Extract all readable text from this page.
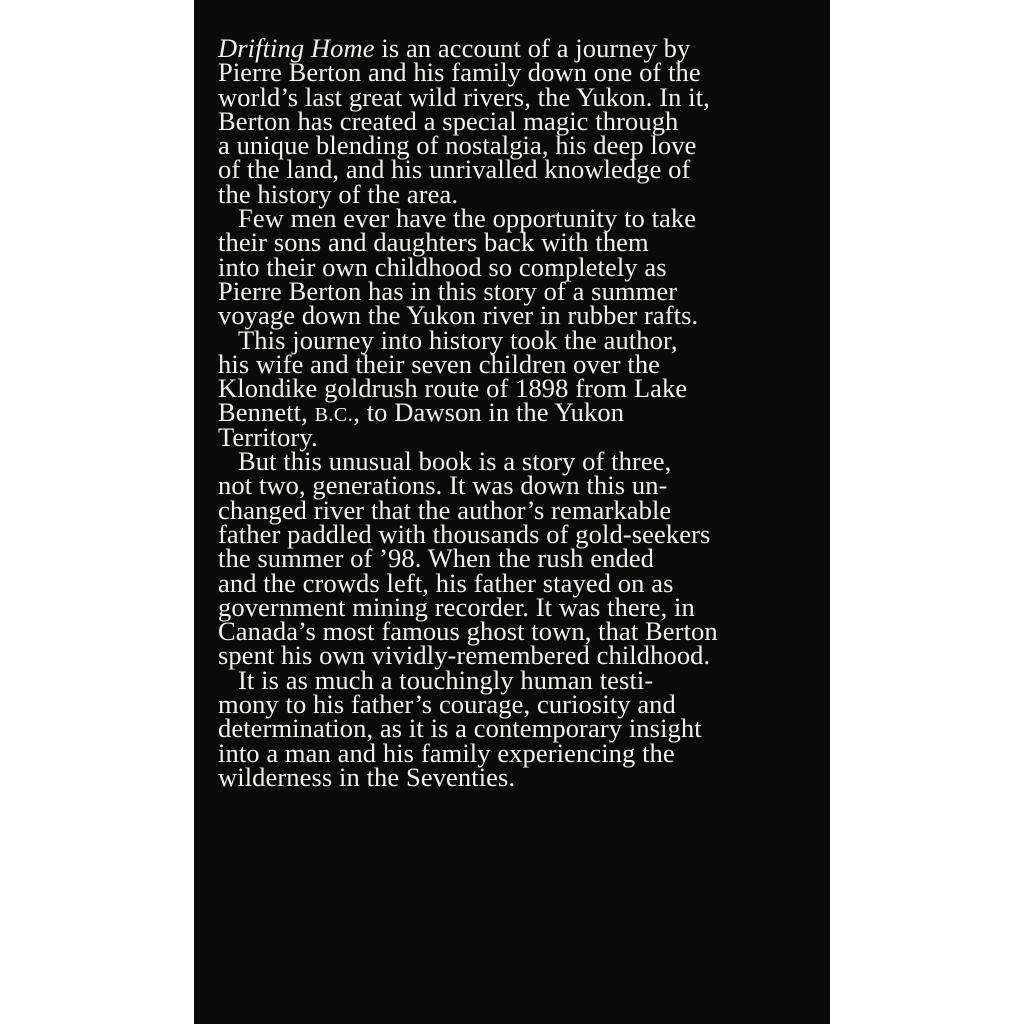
Drifting Home is an account of a journey by
Pierre Berton and his family down one of the
world’s last great wild rivers, the Yukon. In it,
Berton has created a special magic through
a unique blending of nostalgia, his deep love
of the land, and his unrivalled knowledge of
the history of the area.
Few men ever have the opportunity to take
their sons and daughters back with them
into their own childhood so completely as
Pierre Berton has in this story of a summer
voyage down the Yukon river in rubber rafts.
This journey into history took the author,
his wife and their seven children over the
Klondike goldrush route of 1898 from Lake
Bennett, B.C., to Dawson in the Yukon
Territory.
But this unusual book is a story of three,
not two, generations. It was down this un-
changed river that the author’s remarkable
father paddled with thousands of gold-seekers
the summer of ’98. When the rush ended
and the crowds left, his father stayed on as
government mining recorder. It was there, in
Canada’s most famous ghost town, that Berton
spent his own vividly-remembered childhood.
It is as much a touchingly human testi-
mony to his father’s courage, curiosity and
determination, as it is a contemporary insight
into a man and his family experiencing the
wilderness in the Seventies.
